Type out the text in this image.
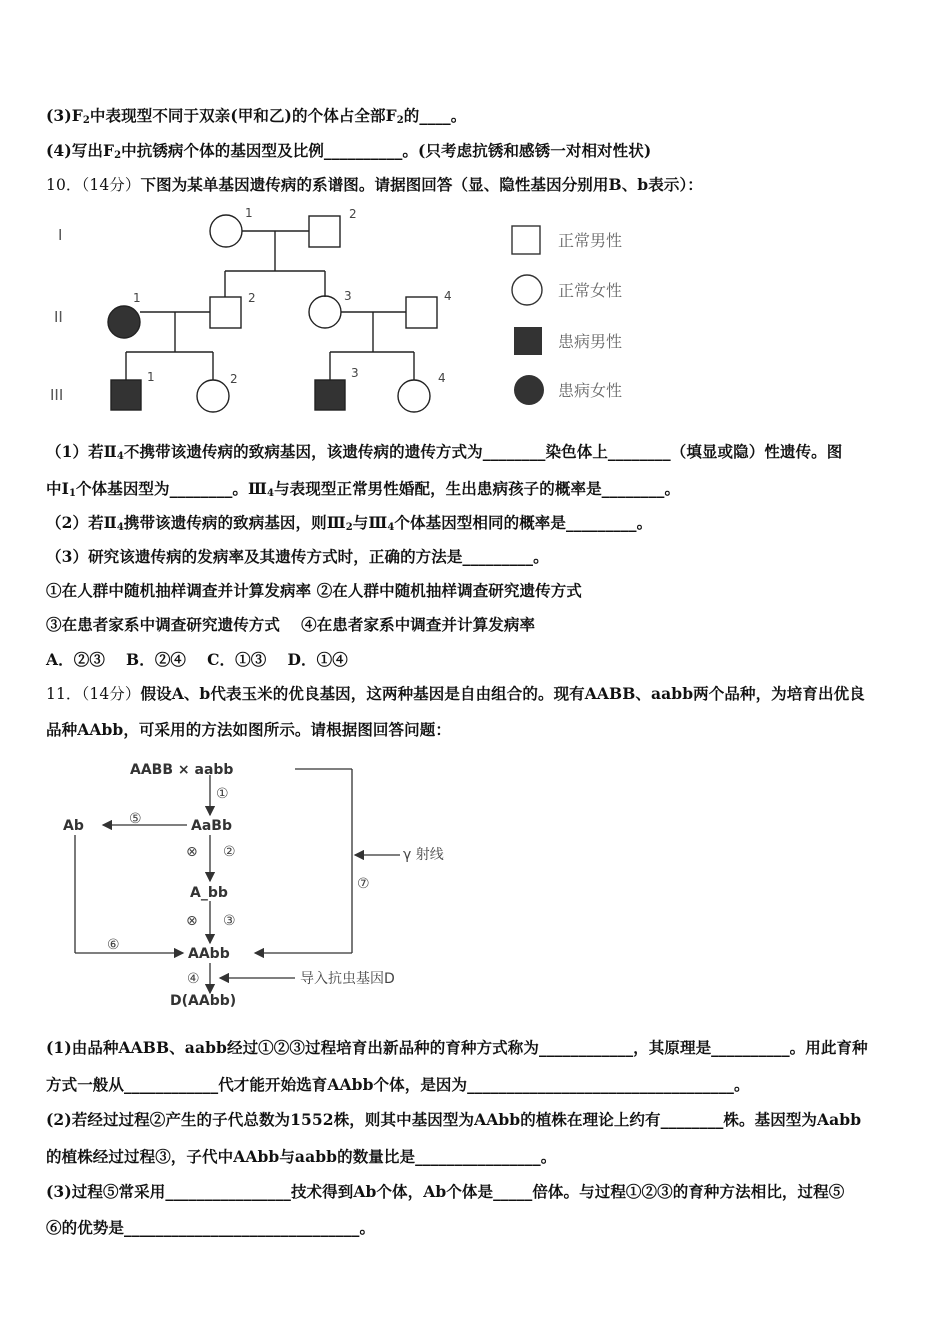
$(3)F_2$中表现型不同于双亲(甲和乙)的个体占全部$F_2$的____。
(4)写出$F_2$中抗锈病个体的基因型及比例__________。(只考虑抗锈和感锈一对相对性状)
10．（14分）下图为某单基因遗传病的系谱图。请据图回答（显、隐性基因分别用B、b表示）：
I
II
III
1	2
1	2	3	4
1	2	3	4
正常男性
正常女性
患病男性
患病女性
（1）若$Ⅱ_4$不携带该遗传病的致病基因，该遗传病的遗传方式为________染色体上________（填显或隐）性遗传。图
中$Ⅰ_1$个体基因型为________。$Ⅲ_4$与表现型正常男性婚配，生出患病孩子的概率是________。
（2）若$Ⅱ_4$携带该遗传病的致病基因，则$Ⅲ_2$与$Ⅲ_4$个体基因型相同的概率是_________。
（3）研究该遗传病的发病率及其遗传方式时，正确的方法是_________。
①在人群中随机抽样调查并计算发病率 ②在人群中随机抽样调查研究遗传方式
③在患者家系中调查研究遗传方式　 ④在患者家系中调查并计算发病率
A．②③　 B．②④　 C．①③　 D．①④
11．（14分）假设A、b代表玉米的优良基因，这两种基因是自由组合的。现有AABB、aabb两个品种，为培育出优良
品种AAbb，可采用的方法如图所示。请根据图回答问题：
AABB × aabb
AaBb
Ab
A_bb
AAbb
D(AAbb)
①
②
③
④
⑤
⑥
⑦
⊗
⊗
γ 射线
导入抗虫基因D
(1)由品种AABB、aabb经过①②③过程培育出新品种的育种方式称为____________，其原理是__________。用此育种
方式一般从____________代才能开始选育AAbb个体，是因为__________________________________。
(2)若经过过程②产生的子代总数为1552株，则其中基因型为AAbb的植株在理论上约有________株。基因型为Aabb
的植株经过过程③，子代中AAbb与aabb的数量比是________________。
(3)过程⑤常采用________________技术得到Ab个体，Ab个体是_____倍体。与过程①②③的育种方法相比，过程⑤
⑥的优势是______________________________。
